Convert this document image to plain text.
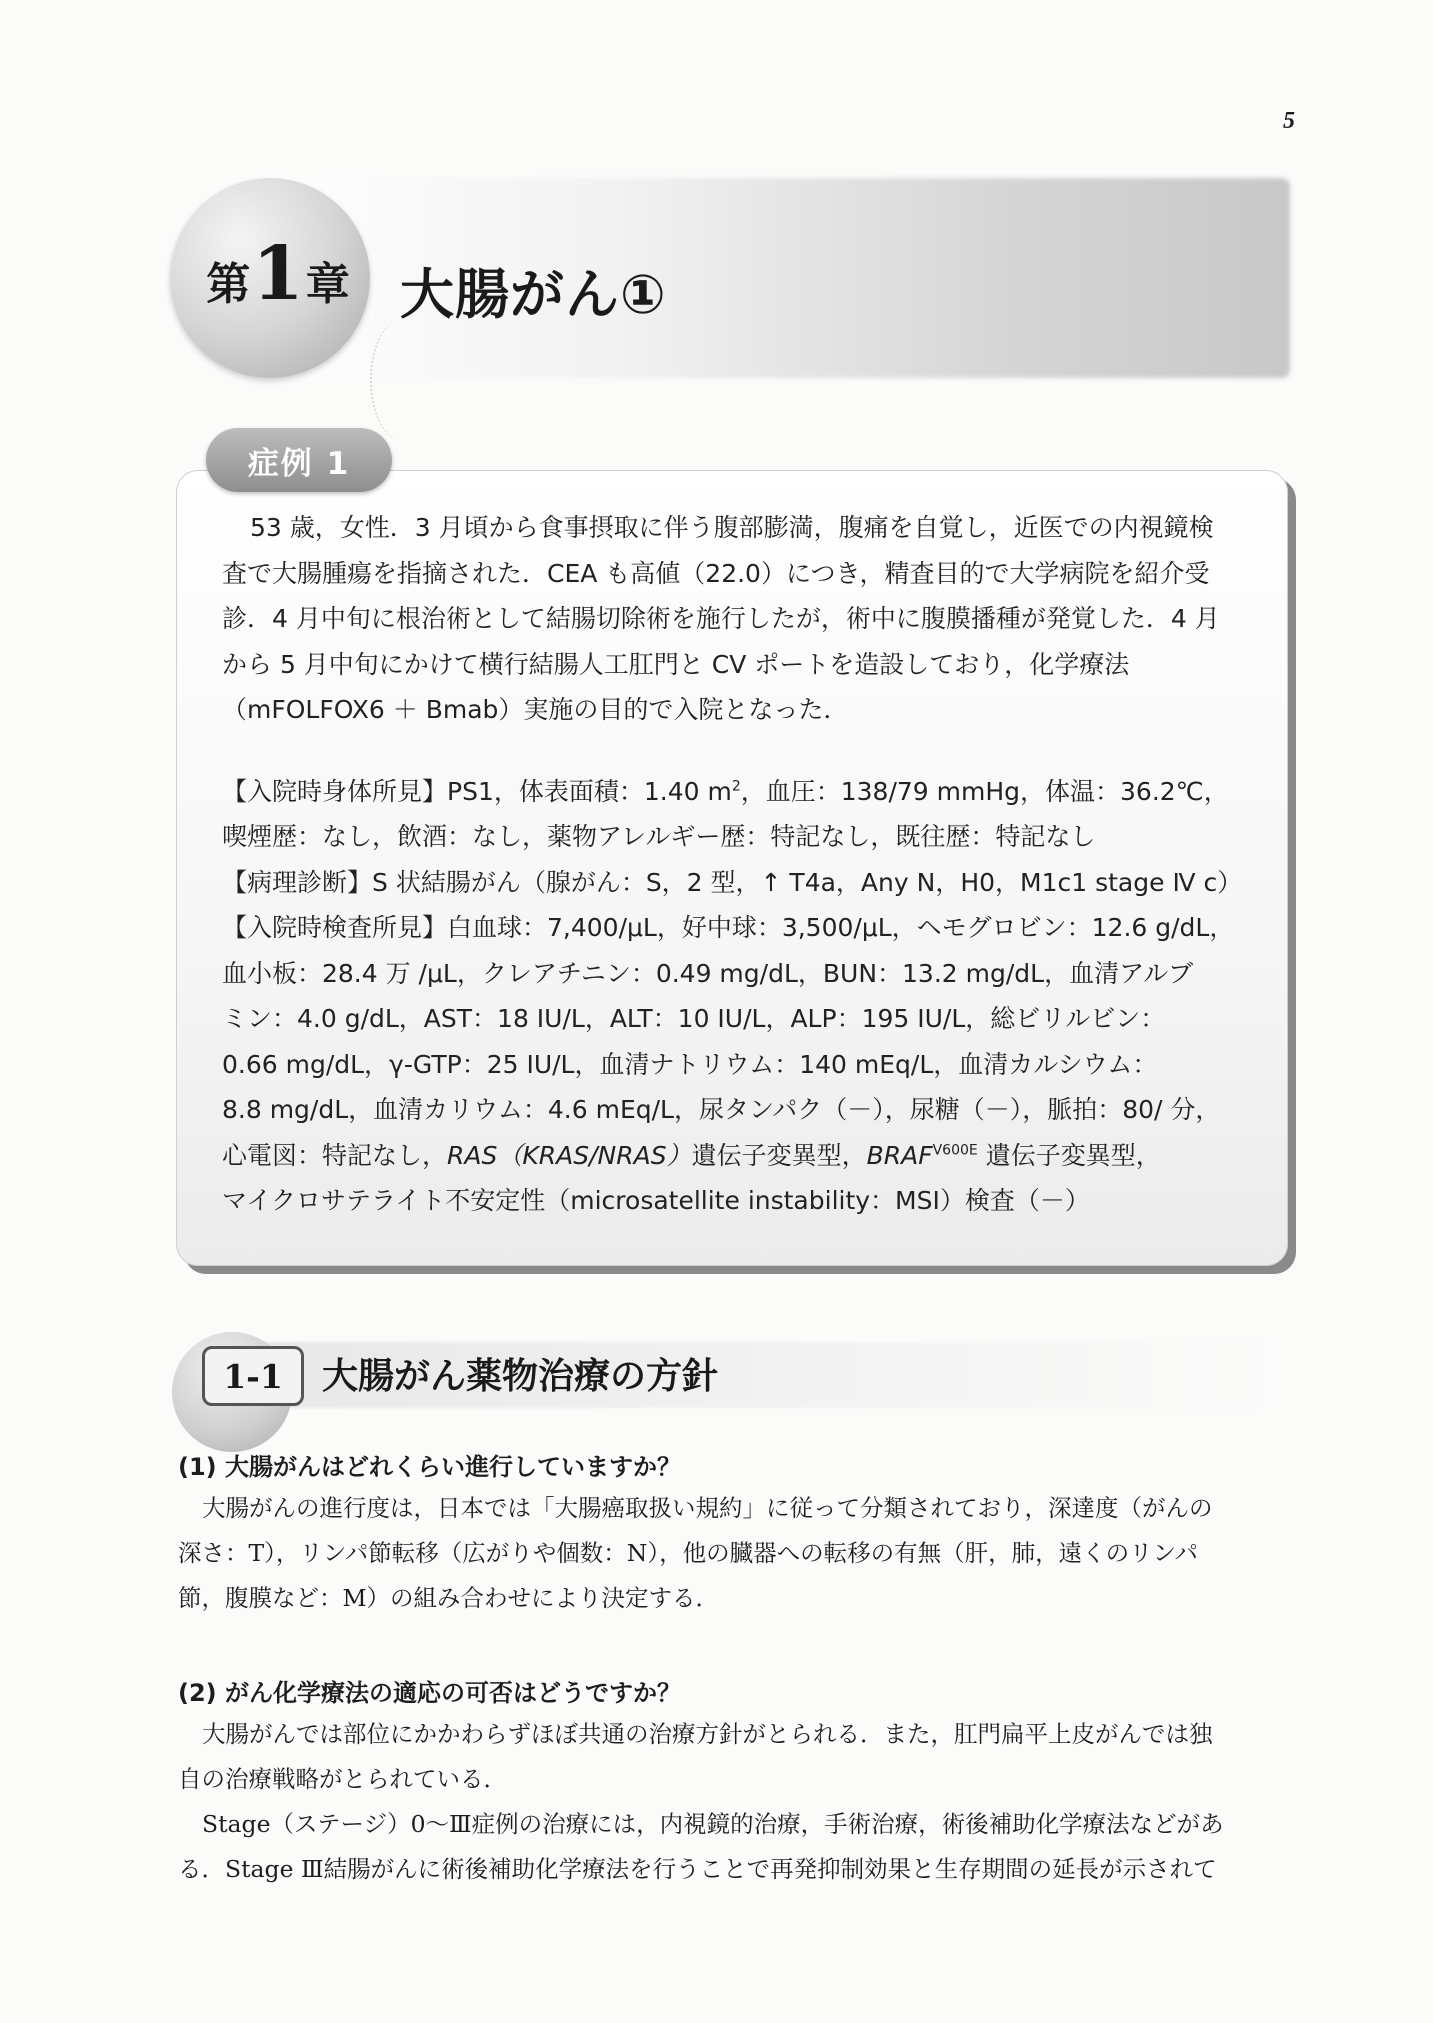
5
第 1 章 大腸がん①
症例 1

53 歳，女性．3 月頃から食事摂取に伴う腹部膨満，腹痛を自覚し，近医での内視鏡検

査で大腸腫瘍を指摘された．CEA も高値（22.0）につき，精査目的で大学病院を紹介受

診．4 月中旬に根治術として結腸切除術を施行したが，術中に腹膜播種が発覚した．4 月

から 5 月中旬にかけて横行結腸人工肛門と CV ポートを造設しており，化学療法

（mFOLFOX6 ＋ Bmab）実施の目的で入院となった．

【入院時身体所見】PS1，体表面積：1.40 $m^2$，血圧：138/79 mmHg，体温：36.2℃，

喫煙歴：なし，飲酒：なし，薬物アレルギー歴：特記なし，既往歴：特記なし

【病理診断】S 状結腸がん（腺がん：S，2 型，↑ T4a，Any N，H0，M1c1 stage Ⅳ c）

【入院時検査所見】白血球：7,400/μL，好中球：3,500/μL，ヘモグロビン：12.6 g/dL，

血小板：28.4 万 /μL，クレアチニン：0.49 mg/dL，BUN：13.2 mg/dL，血清アルブ

ミン：4.0 g/dL，AST：18 IU/L，ALT：10 IU/L，ALP：195 IU/L，総ビリルビン：

0.66 mg/dL，γ-GTP：25 IU/L，血清ナトリウム：140 mEq/L，血清カルシウム：

8.8 mg/dL，血清カリウム：4.6 mEq/L，尿タンパク（－），尿糖（－），脈拍：80/ 分，

心電図：特記なし，RAS（KRAS/NRAS）遺伝子変異型，$BRAF^{V600E}$ 遺伝子変異型，

マイクロサテライト不安定性（microsatellite instability：MSI）検査（－）

1-1	大腸がん薬物治療の方針
(1) 大腸がんはどれくらい進行していますか？

大腸がんの進行度は，日本では「大腸癌取扱い規約」に従って分類されており，深達度（がんの

深さ：T），リンパ節転移（広がりや個数：N），他の臓器への転移の有無（肝，肺，遠くのリンパ

節，腹膜など：M）の組み合わせにより決定する．

(2) がん化学療法の適応の可否はどうですか？

大腸がんでは部位にかかわらずほぼ共通の治療方針がとられる．また，肛門扁平上皮がんでは独

自の治療戦略がとられている．

Stage（ステージ）0～Ⅲ症例の治療には，内視鏡的治療，手術治療，術後補助化学療法などがあ

る．Stage Ⅲ結腸がんに術後補助化学療法を行うことで再発抑制効果と生存期間の延長が示されて
